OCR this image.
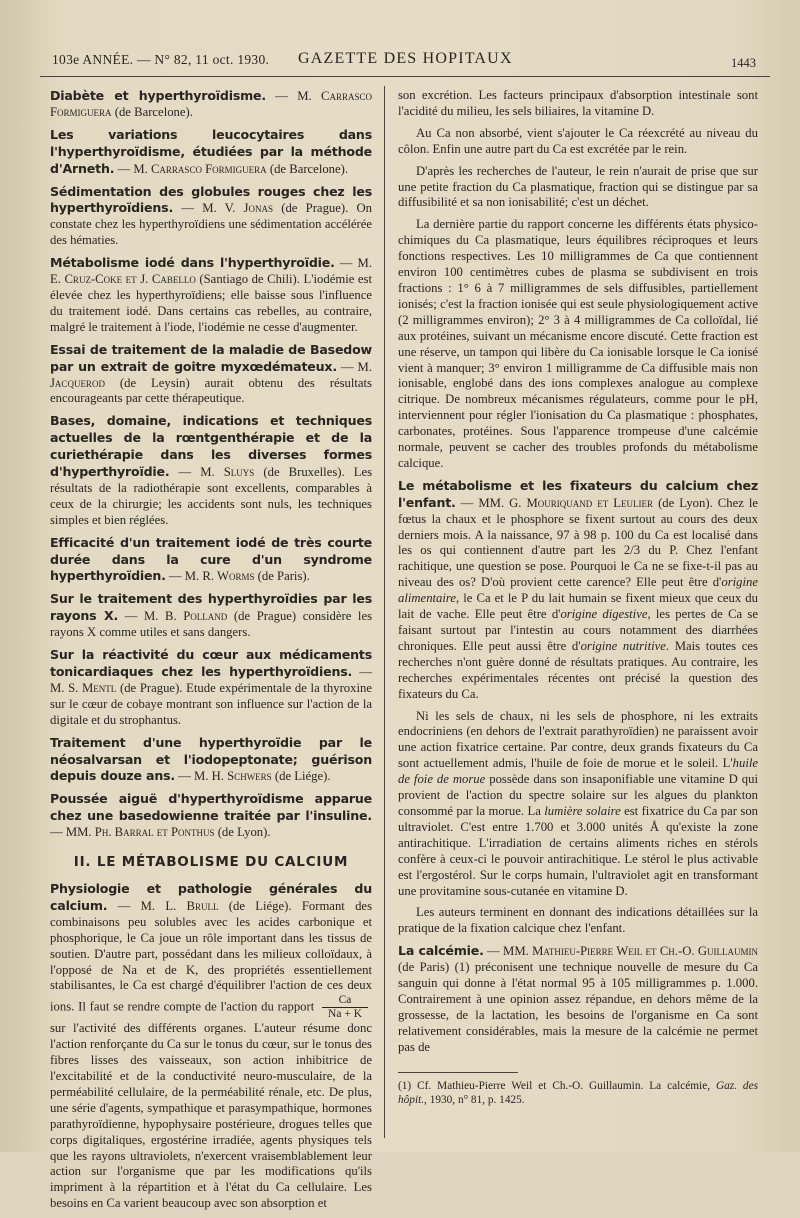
103e ANNÉE. — N° 82, 11 oct. 1930. GAZETTE DES HOPITAUX	1443
Diabète et hyperthyroïdisme. — M. Carrasco Formiguera (de Barcelone).
Les variations leucocytaires dans l'hyperthyroïdisme, étudiées par la méthode d'Arneth. — M. Carrasco Formiguera (de Barcelone).
Sédimentation des globules rouges chez les hyperthyroïdiens. — M. V. Jonas (de Prague). On constate chez les hyperthyroïdiens une sédimentation accélérée des hématies.
Métabolisme iodé dans l'hyperthyroïdie. — M. E. Cruz-Coke et J. Cabello (Santiago de Chili). L'iodémie est élevée chez les hyperthyroïdiens; elle baisse sous l'influence du traitement iodé. Dans certains cas rebelles, au contraire, malgré le traitement à l'iode, l'iodémie ne cesse d'augmenter.
Essai de traitement de la maladie de Basedow par un extrait de goitre myxœdémateux. — M. Jacquerod (de Leysin) aurait obtenu des résultats encourageants par cette thérapeutique.
Bases, domaine, indications et techniques actuelles de la rœntgenthérapie et de la curiethérapie dans les diverses formes d'hyperthyroïdie. — M. Sluys (de Bruxelles). Les résultats de la radiothérapie sont excellents, comparables à ceux de la chirurgie; les accidents sont nuls, les techniques simples et bien réglées.
Efficacité d'un traitement iodé de très courte durée dans la cure d'un syndrome hyperthyroïdien. — M. R. Worms (de Paris).
Sur le traitement des hyperthyroïdies par les rayons X. — M. B. Polland (de Prague) considère les rayons X comme utiles et sans dangers.
Sur la réactivité du cœur aux médicaments tonicardiaques chez les hyperthyroïdiens. — M. S. Mentl (de Prague). Etude expérimentale de la thyroxine sur le cœur de cobaye montrant son influence sur l'action de la digitale et du strophantus.
Traitement d'une hyperthyroïdie par le néosalvarsan et l'iodopeptonate; guérison depuis douze ans. — M. H. Schwers (de Liége).
Poussée aiguë d'hyperthyroïdisme apparue chez une basedowienne traitée par l'insuline. — MM. Ph. Barral et Ponthus (de Lyon).
II. LE MÉTABOLISME DU CALCIUM
Physiologie et pathologie générales du calcium. — M. L. Brull (de Liége). Formant des combinaisons peu solubles avec les acides carbonique et phosphorique, le Ca joue un rôle important dans les tissus de soutien. D'autre part, possédant dans les milieux colloïdaux, à l'opposé de Na et de K, des propriétés essentiellement stabilisantes, le Ca est chargé d'équilibrer l'action de ces deux ions. Il faut se rendre compte de l'action du rapport $\frac{Ca}{Na + K}$
sur l'activité des différents organes. L'auteur résume donc l'action renforçante du Ca sur le tonus du cœur, sur le tonus des fibres lisses des vaisseaux, son action inhibitrice de l'excitabilité et de la conductivité neuro-musculaire, de la perméabilité cellulaire, de la perméabilité rénale, etc. De plus, une série d'agents, sympathique et parasympathique, hormones parathyroïdienne, hypophysaire postérieure, drogues telles que corps digitaliques, ergostérine irradiée, agents physiques tels que les rayons ultraviolets, n'exercent vraisemblablement leur action sur l'organisme que par les modifications qu'ils impriment à la répartition et à l'état du Ca cellulaire. Les besoins en Ca varient beaucoup avec son absorption et

son excrétion. Les facteurs principaux d'absorption intestinale sont l'acidité du milieu, les sels biliaires, la vitamine D.

Au Ca non absorbé, vient s'ajouter le Ca réexcrété au niveau du côlon. Enfin une autre part du Ca est excrétée par le rein.

D'après les recherches de l'auteur, le rein n'aurait de prise que sur une petite fraction du Ca plasmatique, fraction qui se distingue par sa diffusibilité et sa non ionisabilité; c'est un déchet.

La dernière partie du rapport concerne les différents états physico-chimiques du Ca plasmatique, leurs équilibres réciproques et leurs fonctions respectives. Les 10 milligrammes de Ca que contiennent environ 100 centimètres cubes de plasma se subdivisent en trois fractions : 1° 6 à 7 milligrammes de sels diffusibles, partiellement ionisés; c'est la fraction ionisée qui est seule physiologiquement active (2 milligrammes environ); 2° 3 à 4 milligrammes de Ca colloïdal, lié aux protéines, suivant un mécanisme encore discuté. Cette fraction est une réserve, un tampon qui libère du Ca ionisable lorsque le Ca ionisé vient à manquer; 3° environ 1 milligramme de Ca diffusible mais non ionisable, englobé dans des ions complexes analogue au complexe citrique. De nombreux mécanismes régulateurs, comme pour le pH, interviennent pour régler l'ionisation du Ca plasmatique : phosphates, carbonates, protéines. Sous l'apparence trompeuse d'une calcémie normale, peuvent se cacher des troubles profonds du métabolisme calcique.

Le métabolisme et les fixateurs du calcium chez l'enfant. — MM. G. Mouriquand et Leulier (de Lyon). Chez le fœtus la chaux et le phosphore se fixent surtout au cours des deux derniers mois. A la naissance, 97 à 98 p. 100 du Ca est localisé dans les os qui contiennent d'autre part les 2/3 du P. Chez l'enfant rachitique, une question se pose. Pourquoi le Ca ne se fixe-t-il pas au niveau des os? D'où provient cette carence? Elle peut être d'origine alimentaire, le Ca et le P du lait humain se fixent mieux que ceux du lait de vache. Elle peut être d'origine digestive, les pertes de Ca se faisant surtout par l'intestin au cours notamment des diarrhées chroniques. Elle peut aussi être d'origine nutritive. Mais toutes ces recherches n'ont guère donné de résultats pratiques. Au contraire, les recherches expérimentales récentes ont précisé la question des fixateurs du Ca.

Ni les sels de chaux, ni les sels de phosphore, ni les extraits endocriniens (en dehors de l'extrait parathyroïdien) ne paraissent avoir une action fixatrice certaine. Par contre, deux grands fixateurs du Ca sont actuellement admis, l'huile de foie de morue et le soleil. L'huile de foie de morue possède dans son insaponifiable une vitamine D qui provient de l'action du spectre solaire sur les algues du plankton consommé par la morue. La lumière solaire est fixatrice du Ca par son ultraviolet. C'est entre 1.700 et 3.000 unités Å qu'existe la zone antirachitique. L'irradiation de certains aliments riches en stérols confère à ceux-ci le pouvoir antirachitique. Le stérol le plus activable est l'ergostérol. Sur le corps humain, l'ultraviolet agit en transformant une provitamine sous-cutanée en vitamine D.

Les auteurs terminent en donnant des indications détaillées sur la pratique de la fixation calcique chez l'enfant.

La calcémie. — MM. Mathieu-Pierre Weil et Ch.-O. Guillaumin (de Paris) (1) préconisent une technique nouvelle de mesure du Ca sanguin qui donne à l'état normal 95 à 105 milligrammes p. 1.000. Contrairement à une opinion assez répandue, en dehors même de la grossesse, de la lactation, les besoins de l'organisme en Ca sont relativement considérables, mais la mesure de la calcémie ne permet pas de
(1) Cf. Mathieu-Pierre Weil et Ch.-O. Guillaumin. La calcémie, Gaz. des hôpit., 1930, n° 81, p. 1425.
